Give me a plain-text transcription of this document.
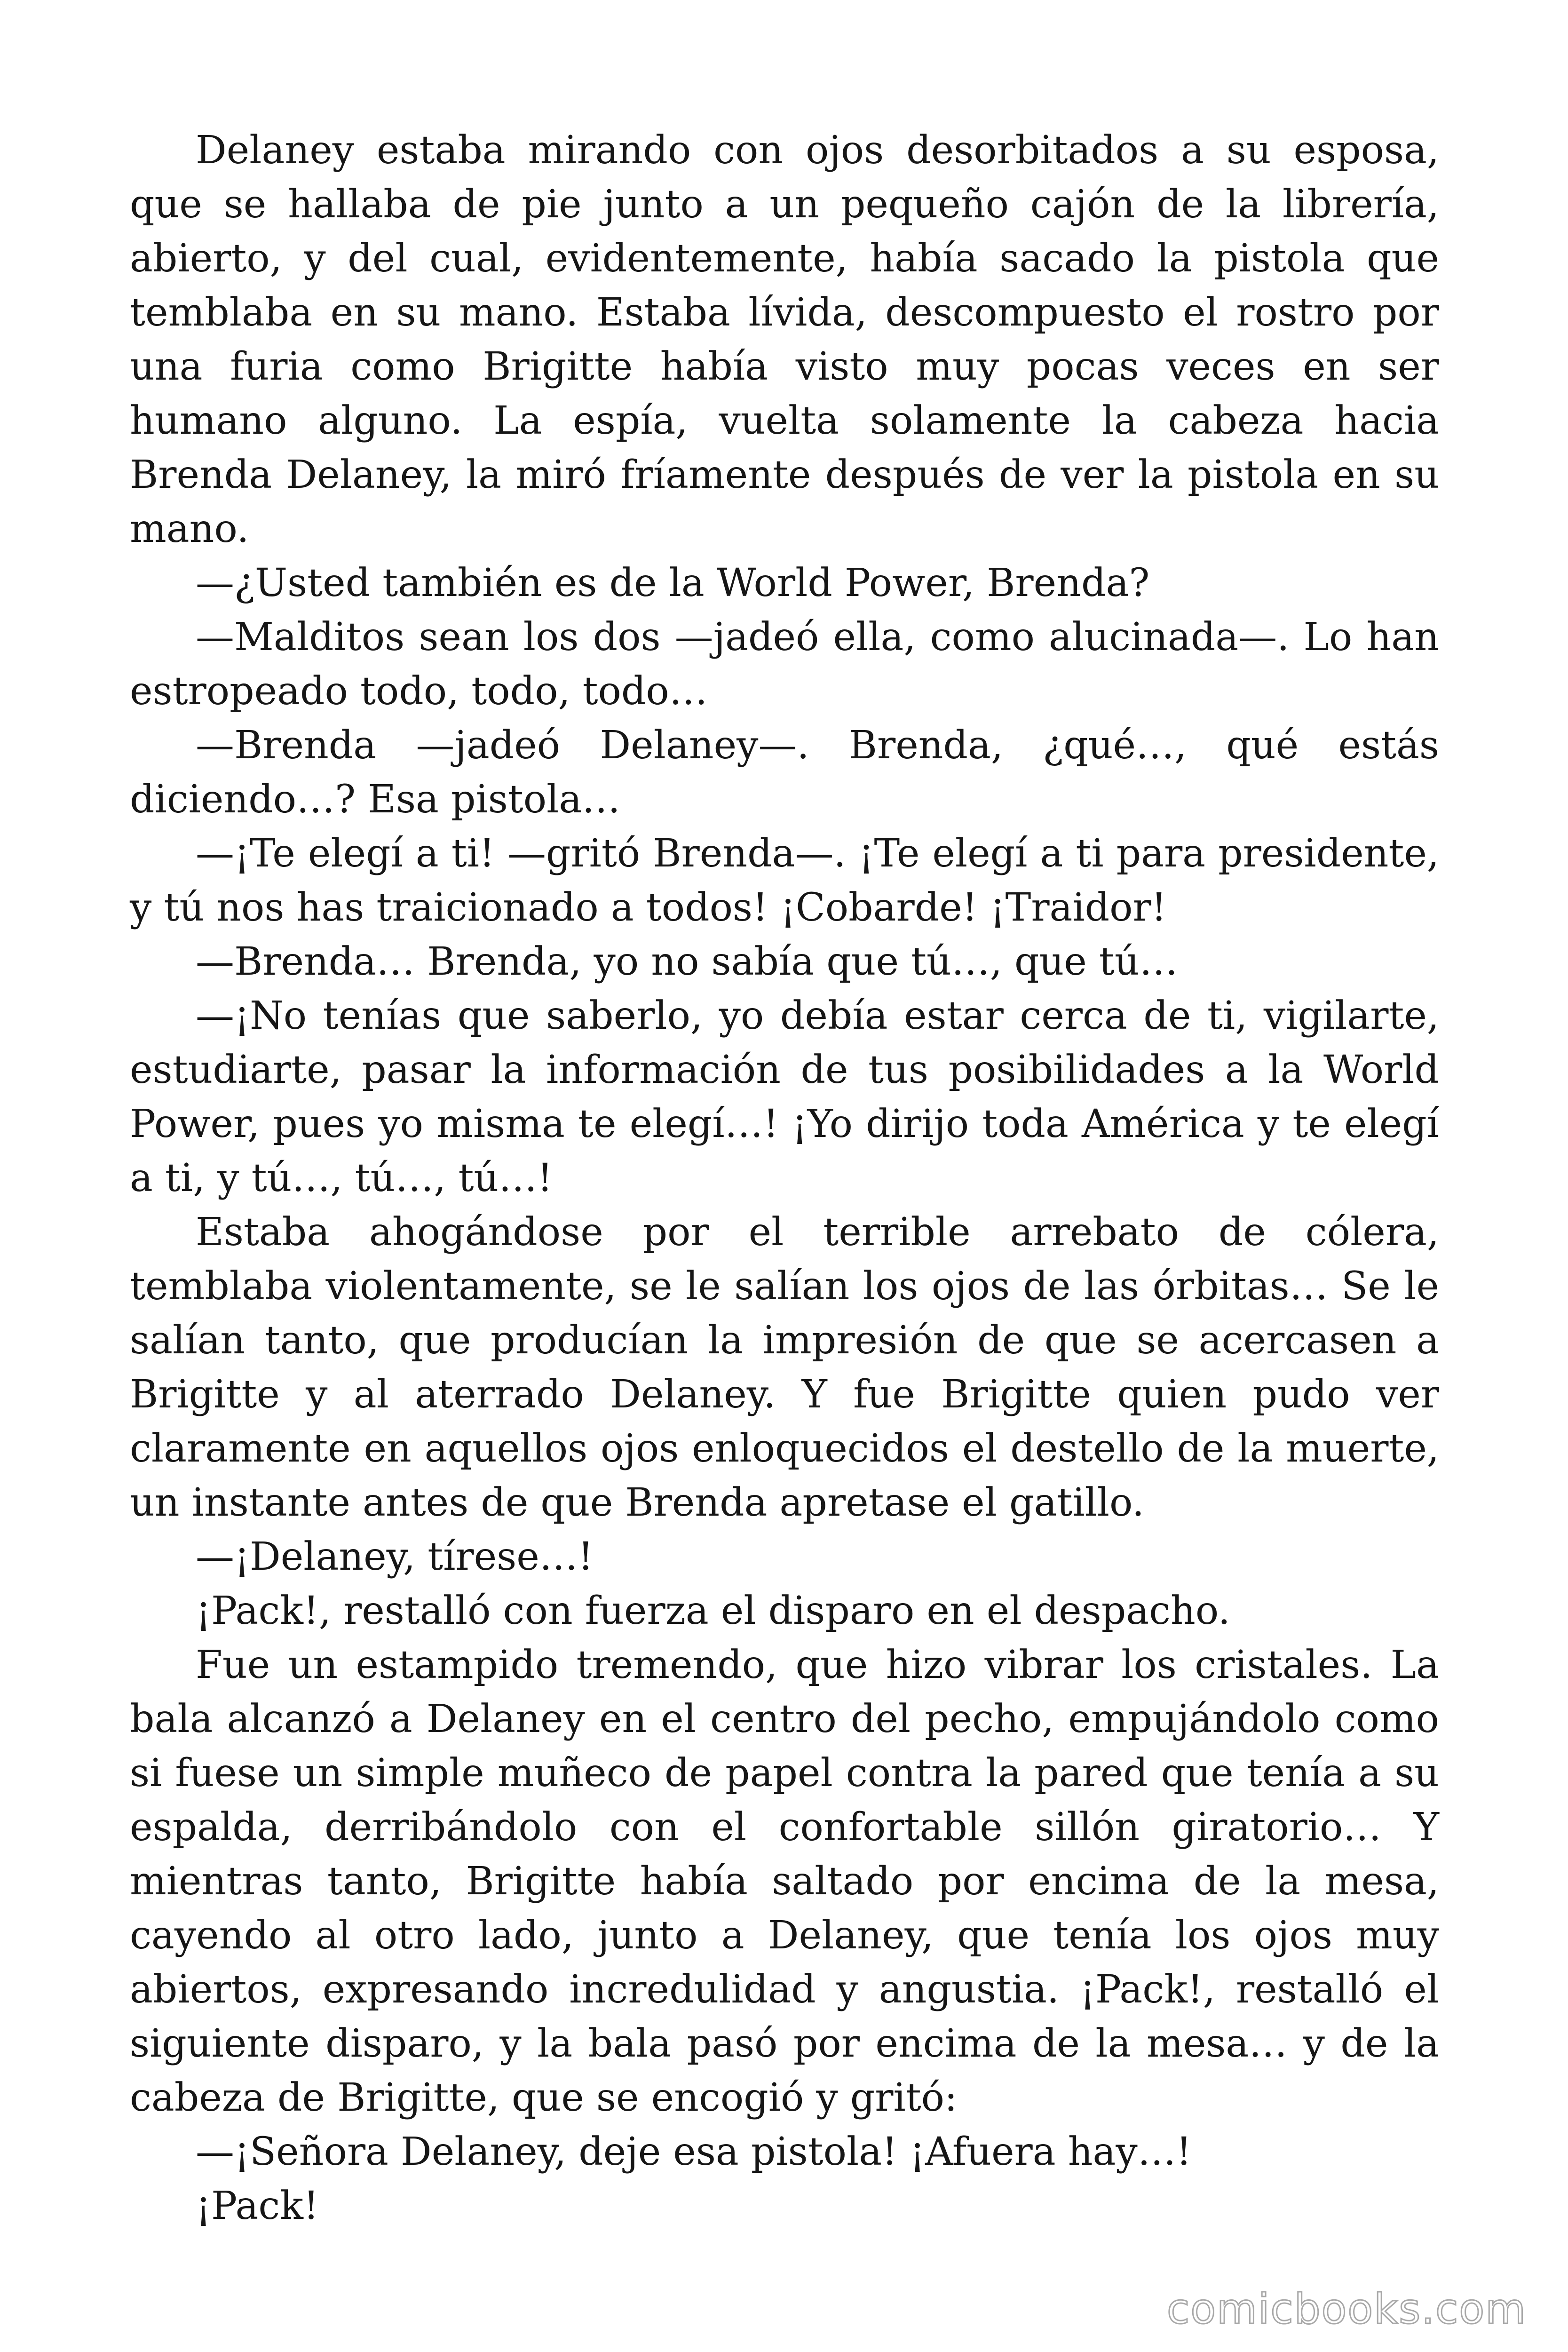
Delaney estaba mirando con ojos desorbitados a su esposa, que se hallaba de pie junto a un pequeño cajón de la librería, abierto, y del cual, evidentemente, había sacado la pistola que temblaba en su mano. Estaba lívida, descompuesto el rostro por una furia como Brigitte había visto muy pocas veces en ser humano alguno. La espía, vuelta solamente la cabeza hacia Brenda Delaney, la miró fríamente después de ver la pistola en su mano.

—¿Usted también es de la World Power, Brenda?

—Malditos sean los dos —jadeó ella, como alucinada—. Lo han estropeado todo, todo, todo…

—Brenda —jadeó Delaney—. Brenda, ¿qué…, qué estás diciendo…? Esa pistola…

—¡Te elegí a ti! —gritó Brenda—. ¡Te elegí a ti para presidente, y tú nos has traicionado a todos! ¡Cobarde! ¡Traidor!

—Brenda… Brenda, yo no sabía que tú…, que tú…

—¡No tenías que saberlo, yo debía estar cerca de ti, vigilarte, estudiarte, pasar la información de tus posibilidades a la World Power, pues yo misma te elegí…! ¡Yo dirijo toda América y te elegí a ti, y tú…, tú…, tú…!

Estaba ahogándose por el terrible arrebato de cólera, temblaba violentamente, se le salían los ojos de las órbitas… Se le salían tanto, que producían la impresión de que se acercasen a Brigitte y al aterrado Delaney. Y fue Brigitte quien pudo ver claramente en aquellos ojos enloquecidos el destello de la muerte, un instante antes de que Brenda apretase el gatillo.

—¡Delaney, tírese…!

¡Pack!, restalló con fuerza el disparo en el despacho.

Fue un estampido tremendo, que hizo vibrar los cristales. La bala alcanzó a Delaney en el centro del pecho, empujándolo como si fuese un simple muñeco de papel contra la pared que tenía a su espalda, derribándolo con el confortable sillón giratorio… Y mientras tanto, Brigitte había saltado por encima de la mesa, cayendo al otro lado, junto a Delaney, que tenía los ojos muy abiertos, expresando incredulidad y angustia. ¡Pack!, restalló el siguiente disparo, y la bala pasó por encima de la mesa… y de la cabeza de Brigitte, que se encogió y gritó:

—¡Señora Delaney, deje esa pistola! ¡Afuera hay…!

¡Pack!

comicbooks.com
